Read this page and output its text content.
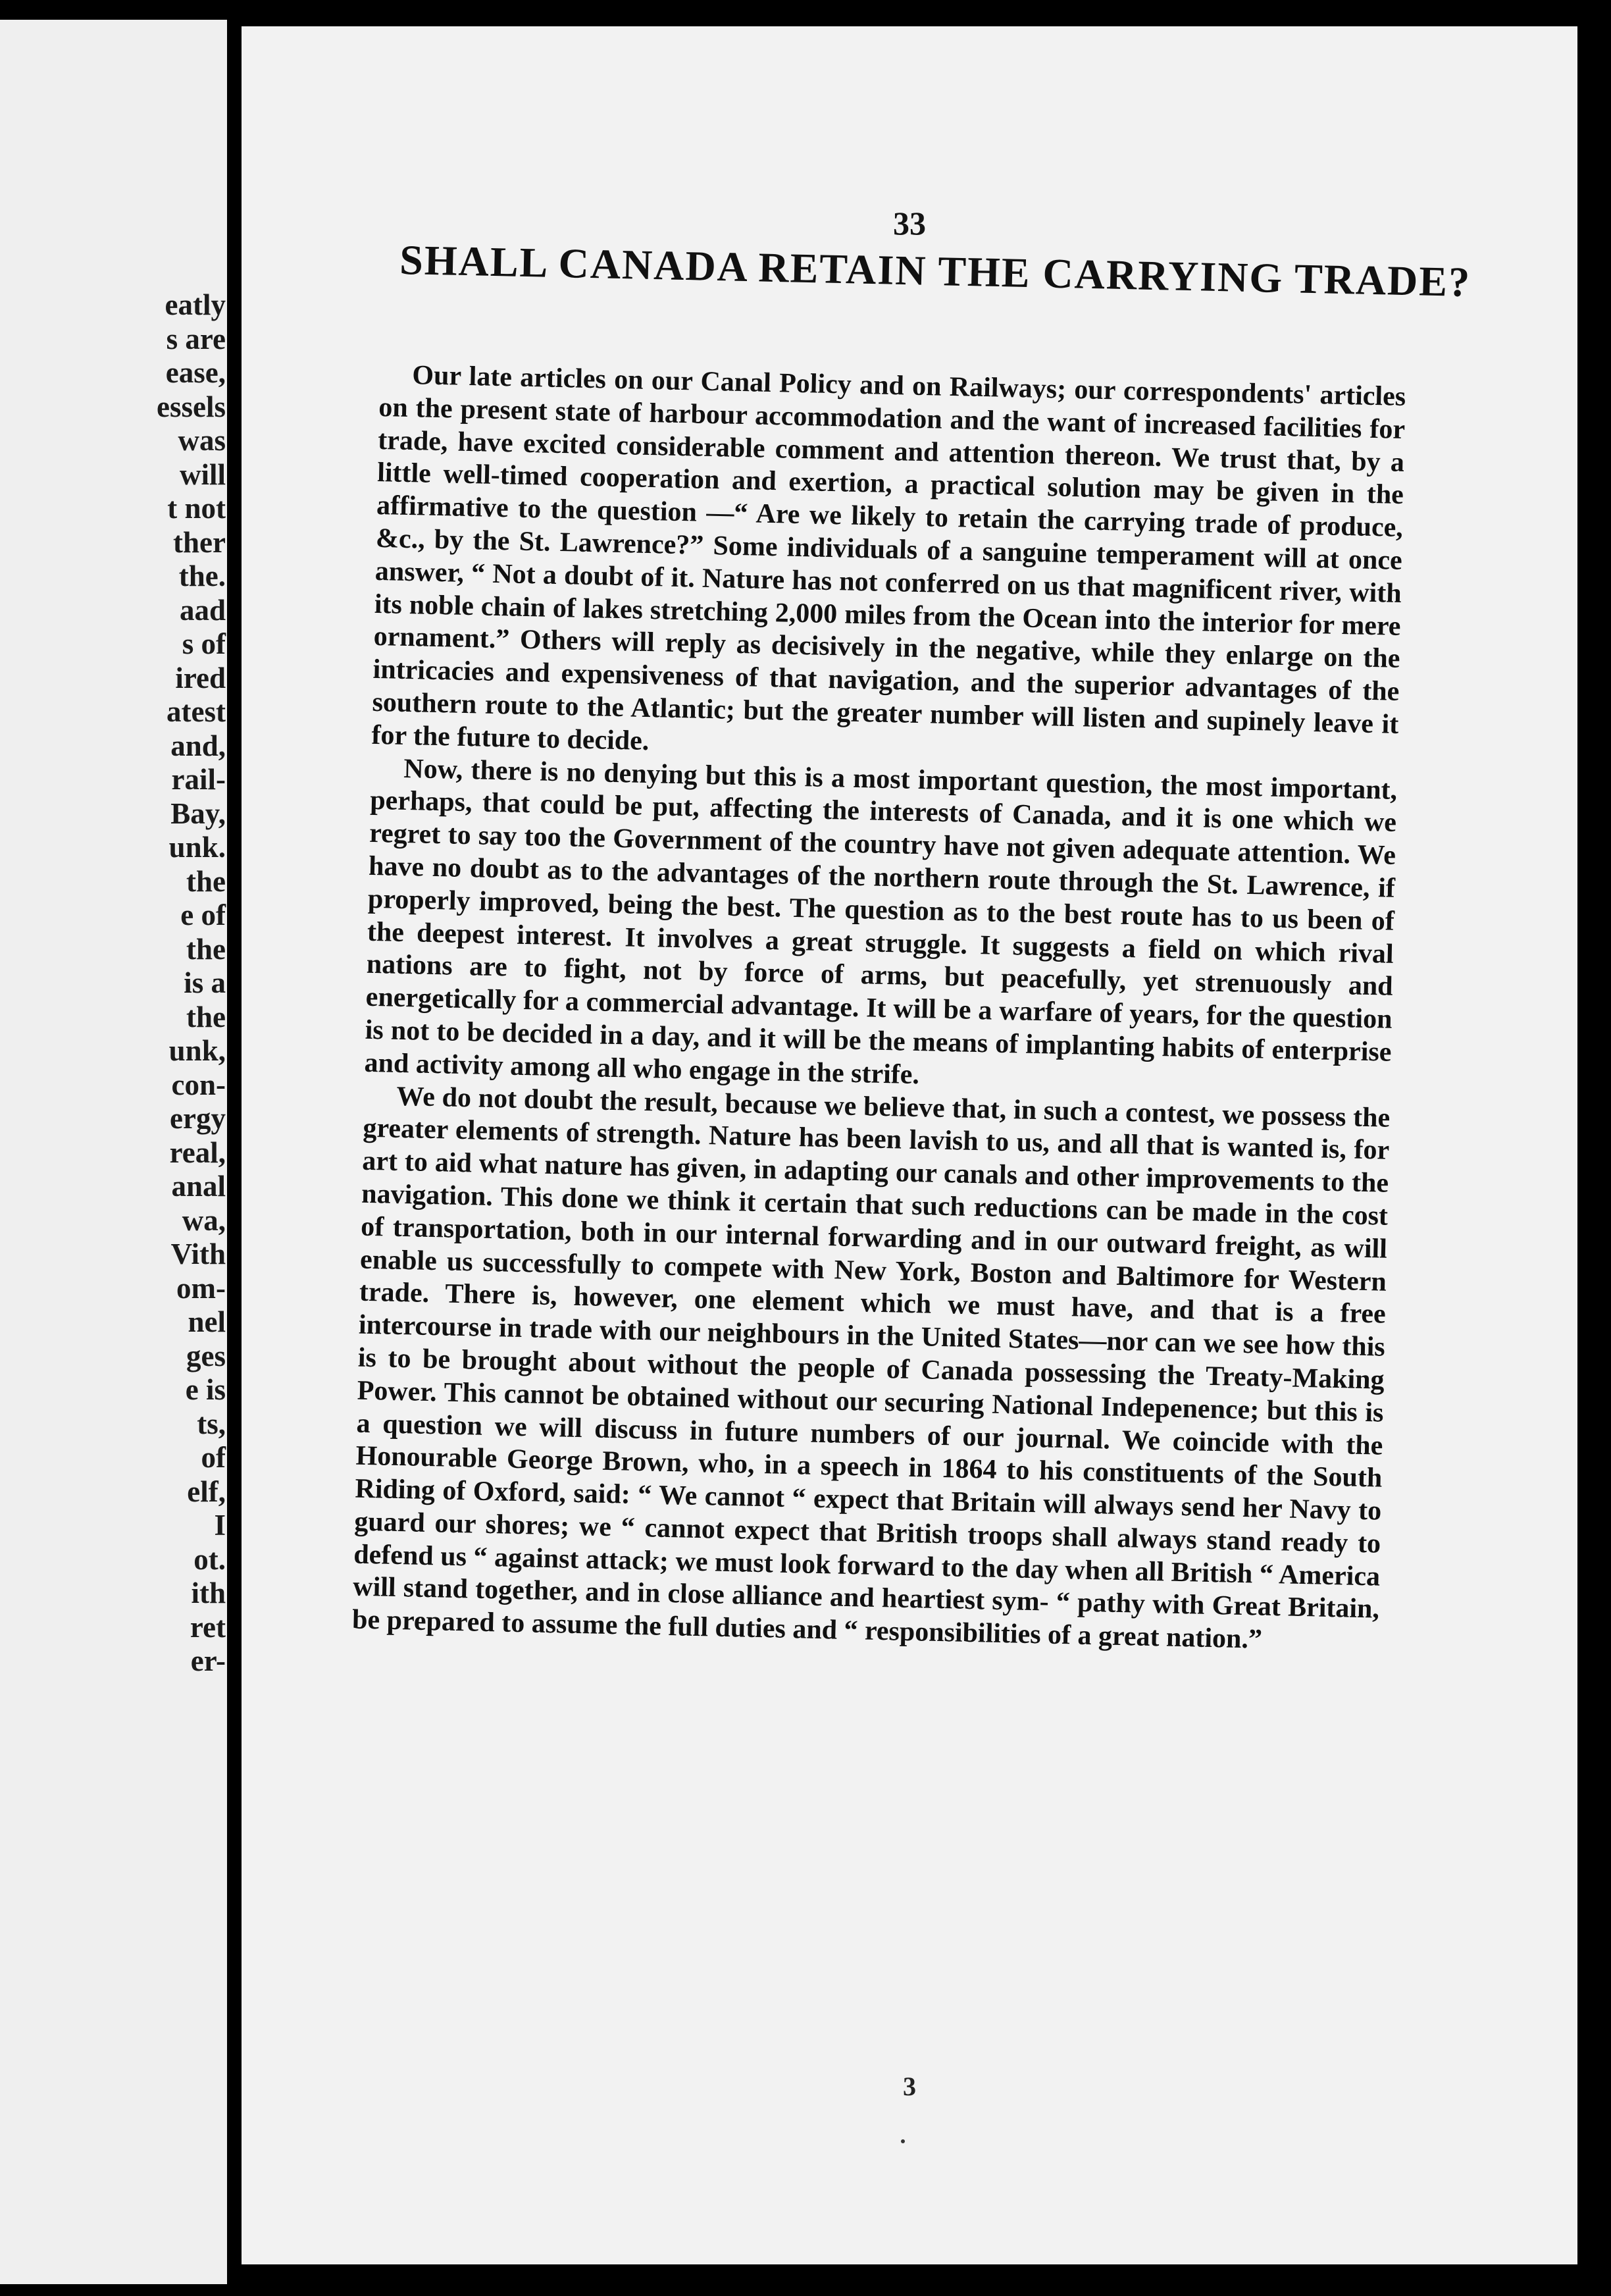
eatly
s are
ease,
essels
was
will
t not
ther
the.
aad
s of
ired
atest
and,
rail-
Bay,
unk.
the
e of
the
is a
the
unk,
con-
ergy
real,
anal
wa,
Vith
om-
nel
ges
e is
ts,
of
elf,
I
ot.
ith
ret
er-
33
SHALL CANADA RETAIN THE CARRYING TRADE?

Our late articles on our Canal Policy and on Railways; our correspondents' articles on the present state of harbour accommodation and the want of increased facilities for trade, have excited considerable comment and attention thereon. We trust that, by a little well-timed cooperation and exertion, a practical solution may be given in the affirmative to the question —“ Are we likely to retain the carrying trade of produce, &c., by the St. Lawrence?” Some individuals of a sanguine temperament will at once answer, “ Not a doubt of it. Nature has not conferred on us that magnificent river, with its noble chain of lakes stretching 2,000 miles from the Ocean into the interior for mere ornament.” Others will reply as decisively in the negative, while they enlarge on the intricacies and expensiveness of that navigation, and the superior advantages of the southern route to the Atlantic; but the greater number will listen and supinely leave it for the future to decide.

Now, there is no denying but this is a most important question, the most important, perhaps, that could be put, affecting the interests of Canada, and it is one which we regret to say too the Government of the country have not given adequate attention. We have no doubt as to the advantages of the northern route through the St. Lawrence, if properly improved, being the best. The question as to the best route has to us been of the deepest interest. It involves a great struggle. It suggests a field on which rival nations are to fight, not by force of arms, but peacefully, yet strenuously and energetically for a commercial advantage. It will be a warfare of years, for the question is not to be decided in a day, and it will be the means of implanting habits of enterprise and activity among all who engage in the strife.

We do not doubt the result, because we believe that, in such a contest, we possess the greater elements of strength. Nature has been lavish to us, and all that is wanted is, for art to aid what nature has given, in adapting our canals and other improvements to the navigation. This done we think it certain that such reductions can be made in the cost of transportation, both in our internal forwarding and in our outward freight, as will enable us successfully to compete with New York, Boston and Baltimore for Western trade. There is, however, one element which we must have, and that is a free intercourse in trade with our neighbours in the United States—nor can we see how this is to be brought about without the people of Canada possessing the Treaty-Making Power. This cannot be obtained without our securing National Indepenence; but this is a question we will discuss in future numbers of our journal. We coincide with the Honourable George Brown, who, in a speech in 1864 to his constituents of the South Riding of Oxford, said: “ We cannot “ expect that Britain will always send her Navy to guard our shores; we “ cannot expect that British troops shall always stand ready to defend us “ against attack; we must look forward to the day when all British “ America will stand together, and in close alliance and heartiest sym- “ pathy with Great Britain, be prepared to assume the full duties and “ responsibilities of a great nation.”

3
